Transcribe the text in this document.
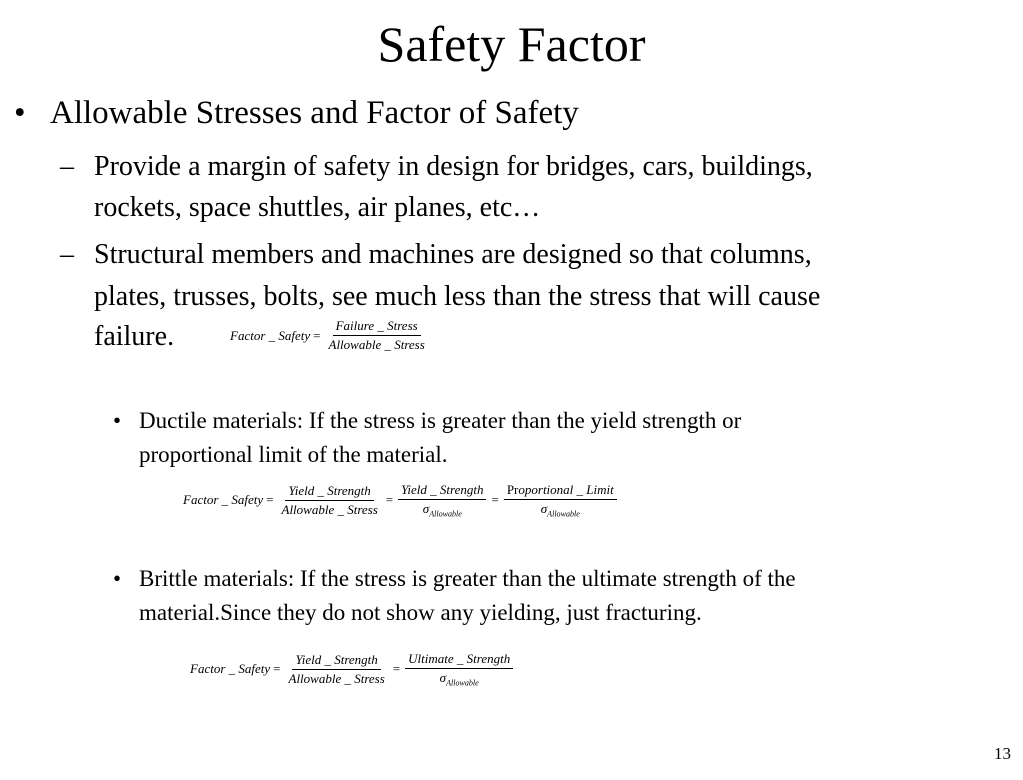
Safety Factor
• Allowable Stresses and Factor of Safety
– Provide a margin of safety in design for bridges, cars, buildings,
rockets, space shuttles, air planes, etc…
– Structural members and machines are designed so that columns,
plates, trusses, bolts, see much less than the stress that will cause
failure.	Factor _ Safety = $\frac{\text{Failure \_ Stress}}{\text{Allowable \_ Stress}}$
• Ductile materials: If the stress is greater than the yield strength or
proportional limit of the material.
Factor _ Safety = $\frac{\text{Yield \_ Strength}}{\text{Allowable \_ Stress}} = \frac{\text{Yield \_ Strength}}{\sigma_{Allowable}} = \frac{\text{Proportional \_ Limit}}{\sigma_{Allowable}}$
• Brittle materials: If the stress is greater than the ultimate strength of the
material.Since they do not show any yielding, just fracturing.
Factor _ Safety = $\frac{\text{Yield \_ Strength}}{\text{Allowable \_ Stress}} = \frac{\text{Ultimate \_ Strength}}{\sigma_{Allowable}}$
13
